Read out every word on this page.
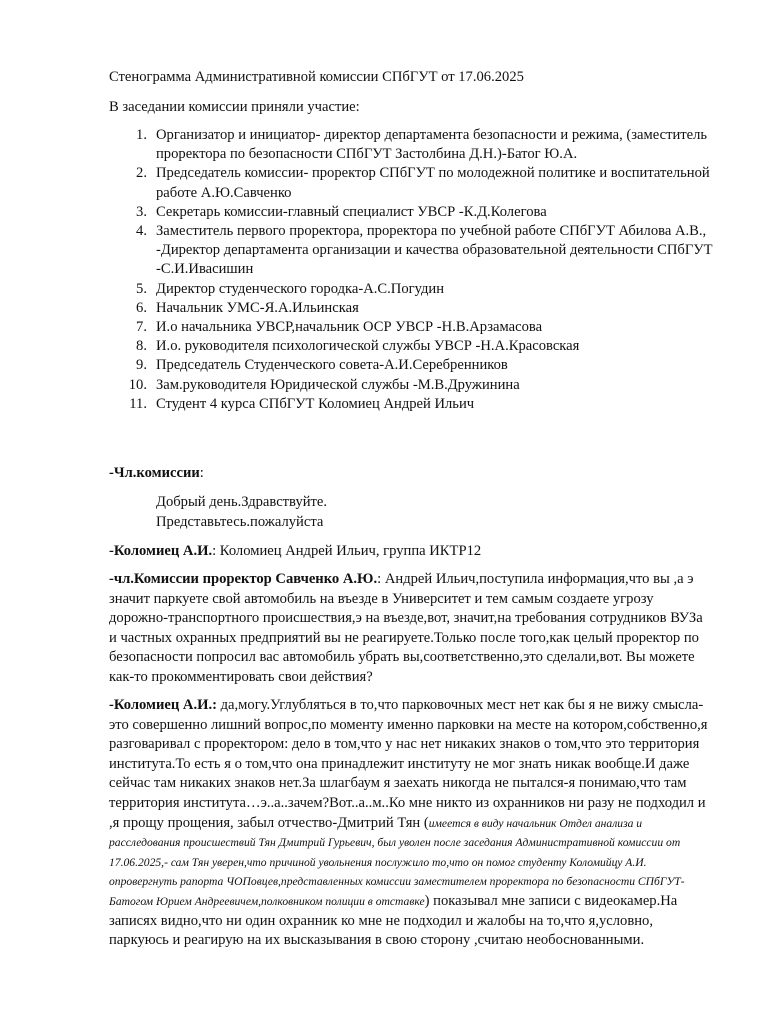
Стенограмма Административной комиссии СПбГУТ от 17.06.2025
В заседании комиссии приняли участие:
1. Организатор и инициатор- директор департамента безопасности и режима, (заместитель проректора по безопасности СПбГУТ Застолбина Д.Н.)-Батог Ю.А.
2. Председатель комиссии- проректор СПбГУТ по молодежной политике и воспитательной работе А.Ю.Савченко
3. Секретарь комиссии-главный специалист УВСР -К.Д.Колегова
4. Заместитель первого проректора, проректора по учебной работе СПбГУТ Абилова А.В., -Директор департамента организации и качества образовательной деятельности СПбГУТ -С.И.Ивасишин
5. Директор студенческого городка-А.С.Погудин
6. Начальник УМС-Я.А.Ильинская
7. И.о начальника УВСР,начальник ОСР УВСР -Н.В.Арзамасова
8. И.о. руководителя психологической службы УВСР -Н.А.Красовская
9. Председатель Студенческого совета-А.И.Серебренников
10. Зам.руководителя Юридической службы -М.В.Дружинина
11. Студент 4 курса СПбГУТ Коломиец Андрей Ильич
-Чл.комиссии:
Добрый день.Здравствуйте.
Представьтесь.пожалуйста
-Коломиец А.И.: Коломиец Андрей Ильич, группа ИКТР12
-чл.Комиссии проректор Савченко А.Ю.: Андрей Ильич,поступила информация,что вы ,а э значит паркуете свой автомобиль на въезде в Университет и тем самым создаете угрозу дорожно-транспортного происшествия,э на въезде,вот, значит,на требования сотрудников ВУЗа и частных охранных предприятий вы не реагируете.Только после того,как целый проректор по безопасности попросил вас автомобиль убрать вы,соответственно,это сделали,вот. Вы можете как-то прокомментировать свои действия?
-Коломиец А.И.: да,могу.Углубляться в то,что парковочных мест нет как бы я не вижу смысла-это совершенно лишний вопрос,по моменту именно парковки на месте на котором,собственно,я разговаривал с проректором: дело в том,что у нас нет никаких знаков о том,что это территория института.То есть я о том,что она принадлежит институту не мог знать никак вообще.И даже сейчас там никаких знаков нет.За шлагбаум я заехать никогда не пытался-я понимаю,что там территория института…э..а..зачем?Вот..а..м..Ко мне никто из охранников ни разу не подходил и ,я прощу прощения, забыл отчество-Дмитрий Тян (имеется в виду начальник Отдел анализа и расследования происшествий Тян Дмитрий Гурьевич, был уволен после заседания Административной комиссии от 17.06.2025,- сам Тян уверен,что причиной увольнения послужило то,что он помог студенту Коломийцу А.И. опровергнуть рапорта ЧОПовцев,представленных комиссии заместителем проректора по безопасности СПбГУТ-Батогом Юрием Андреевичем,полковником полиции в отставке) показывал мне записи с видеокамер.На записях видно,что ни один охранник ко мне не подходил и жалобы на то,что я,условно, паркуюсь и реагирую на их высказывания в свою сторону ,считаю необоснованными.
